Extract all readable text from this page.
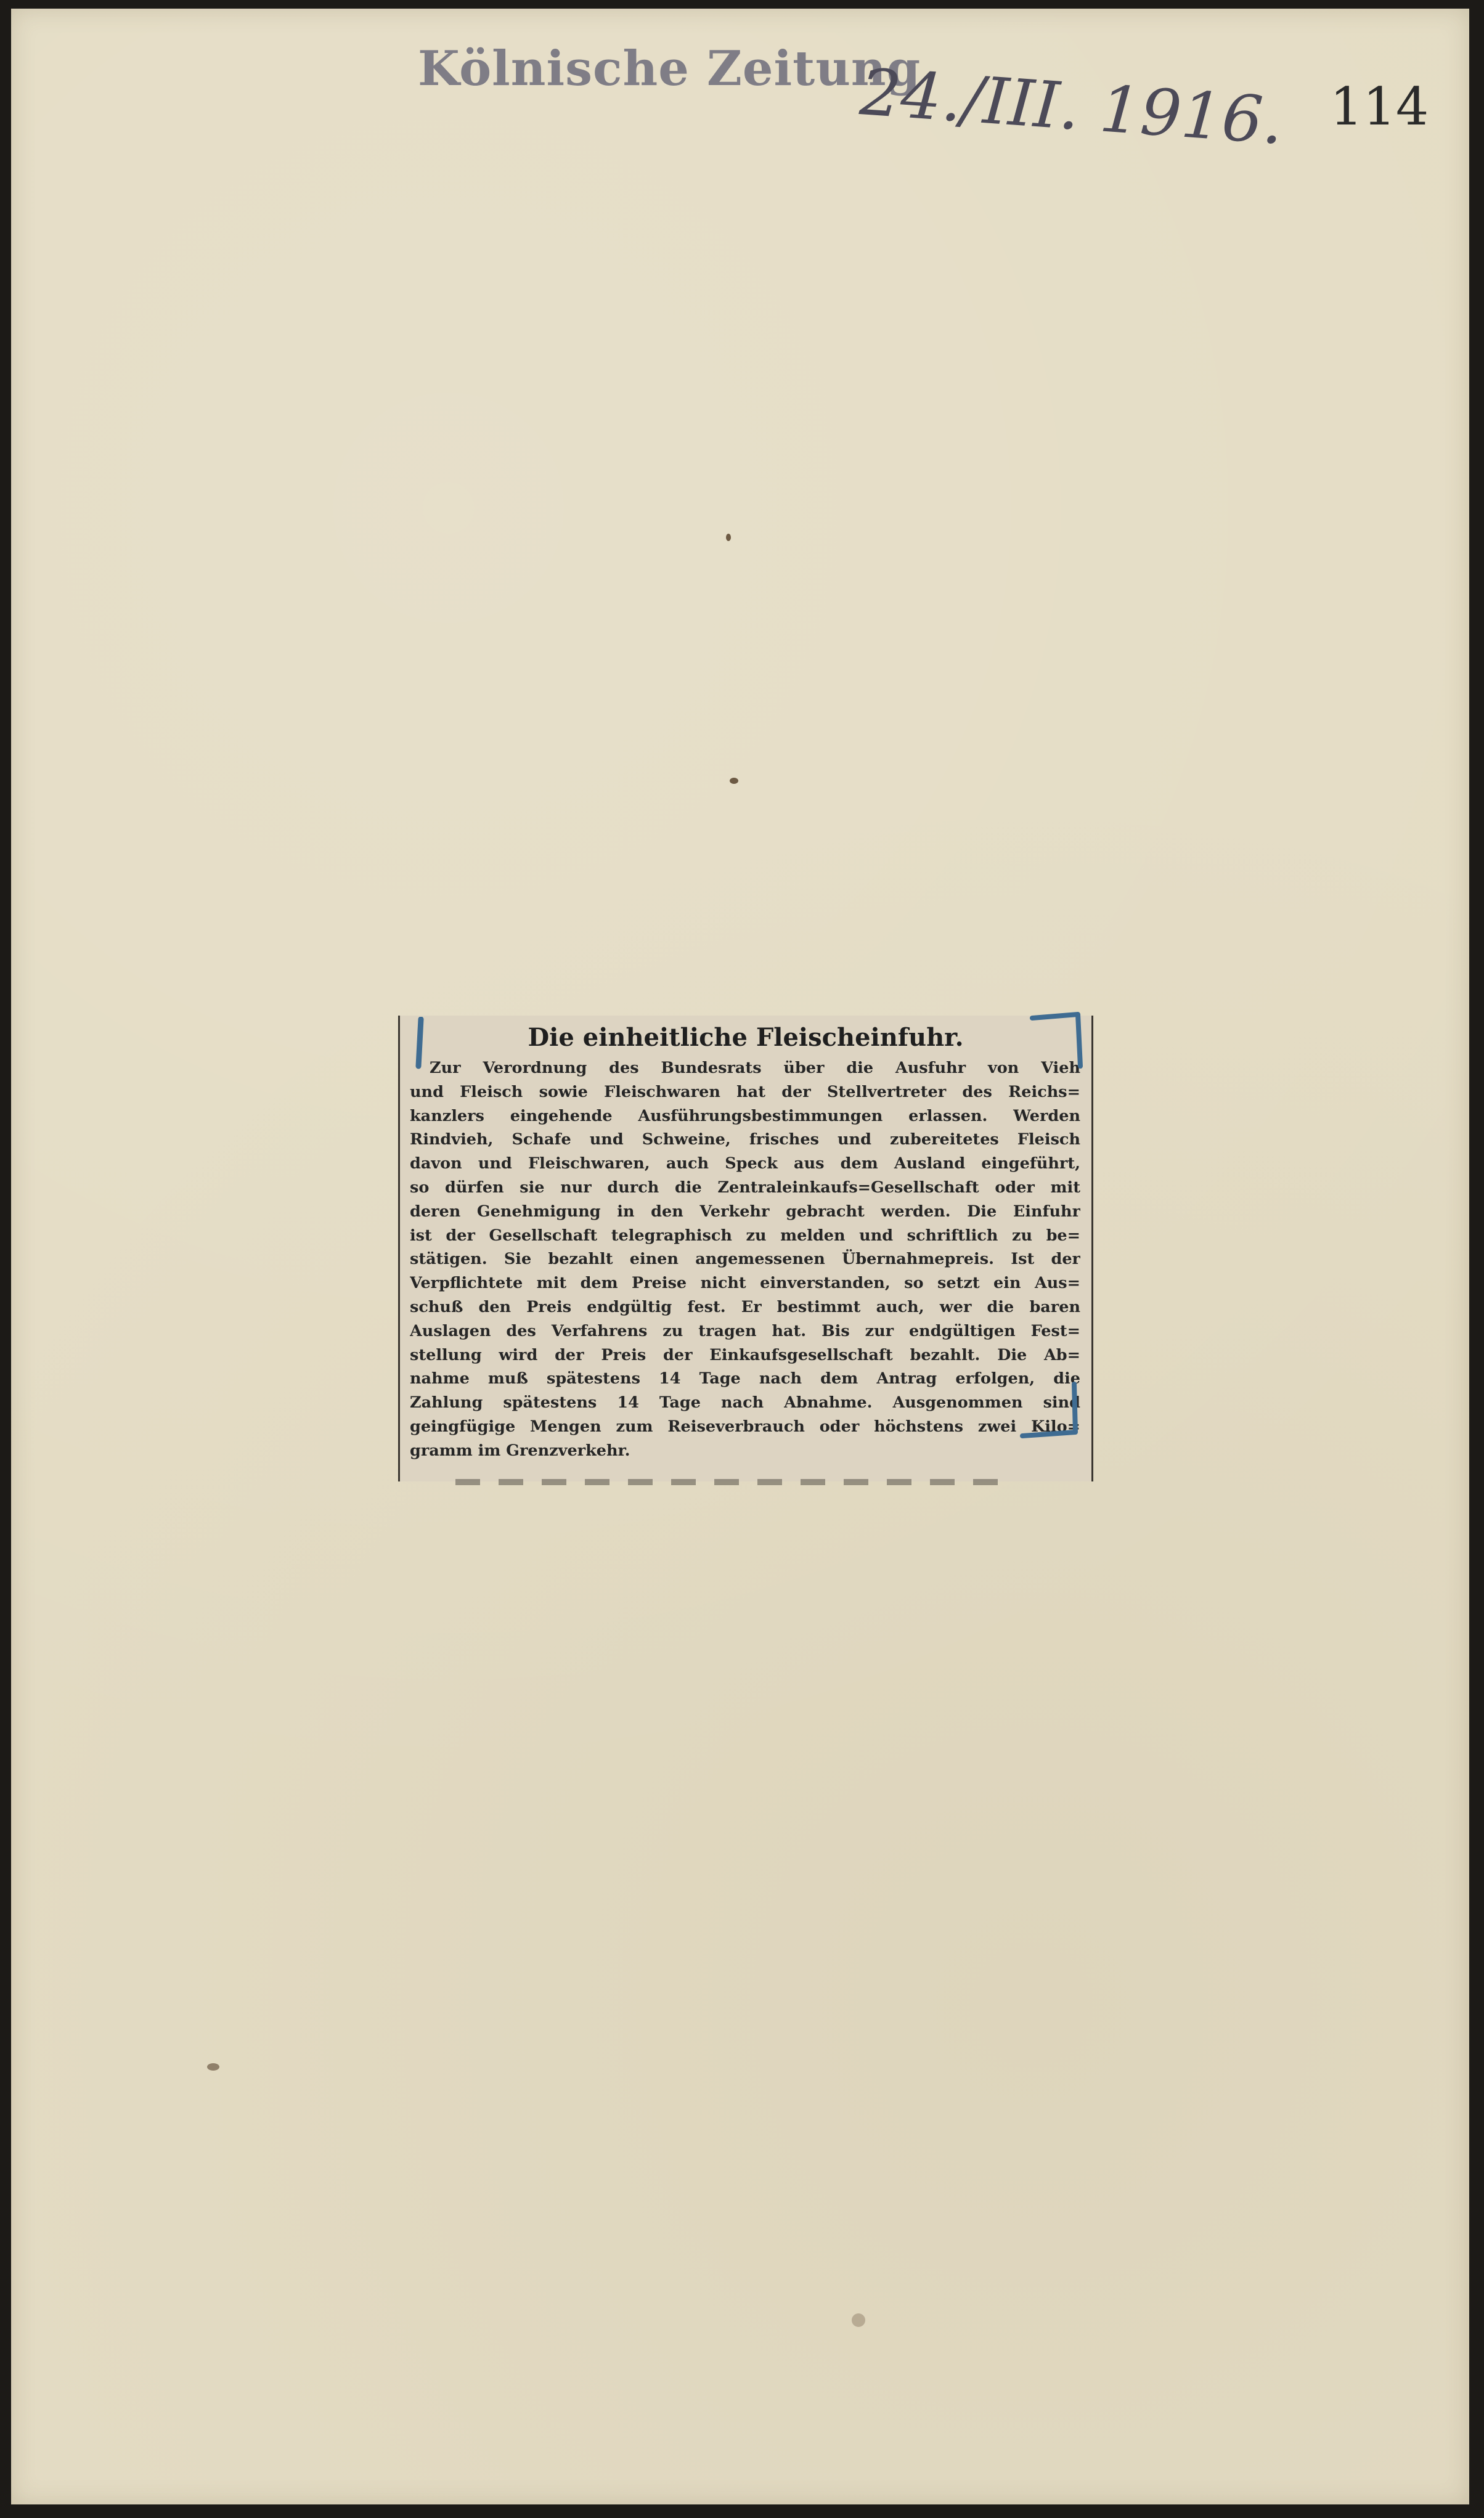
Kölnische Zeitung
24./III. 1916. 114
Die einheitliche Fleischeinfuhr.
Zur Verordnung des Bundesrats über die Ausfuhr von Vieh
und Fleisch sowie Fleischwaren hat der Stellvertreter des Reichs=
kanzlers eingehende Ausführungsbestimmungen erlassen. Werden
Rindvieh, Schafe und Schweine, frisches und zubereitetes Fleisch
davon und Fleischwaren, auch Speck aus dem Ausland eingeführt,
so dürfen sie nur durch die Zentraleinkaufs=Gesellschaft oder mit
deren Genehmigung in den Verkehr gebracht werden. Die Einfuhr
ist der Gesellschaft telegraphisch zu melden und schriftlich zu be=
stätigen. Sie bezahlt einen angemessenen Übernahmepreis. Ist der
Verpflichtete mit dem Preise nicht einverstanden, so setzt ein Aus=
schuß den Preis endgültig fest. Er bestimmt auch, wer die baren
Auslagen des Verfahrens zu tragen hat. Bis zur endgültigen Fest=
stellung wird der Preis der Einkaufsgesellschaft bezahlt. Die Ab=
nahme muß spätestens 14 Tage nach dem Antrag erfolgen, die
Zahlung spätestens 14 Tage nach Abnahme. Ausgenommen sind
geingfügige Mengen zum Reiseverbrauch oder höchstens zwei Kilo=
gramm im Grenzverkehr.
